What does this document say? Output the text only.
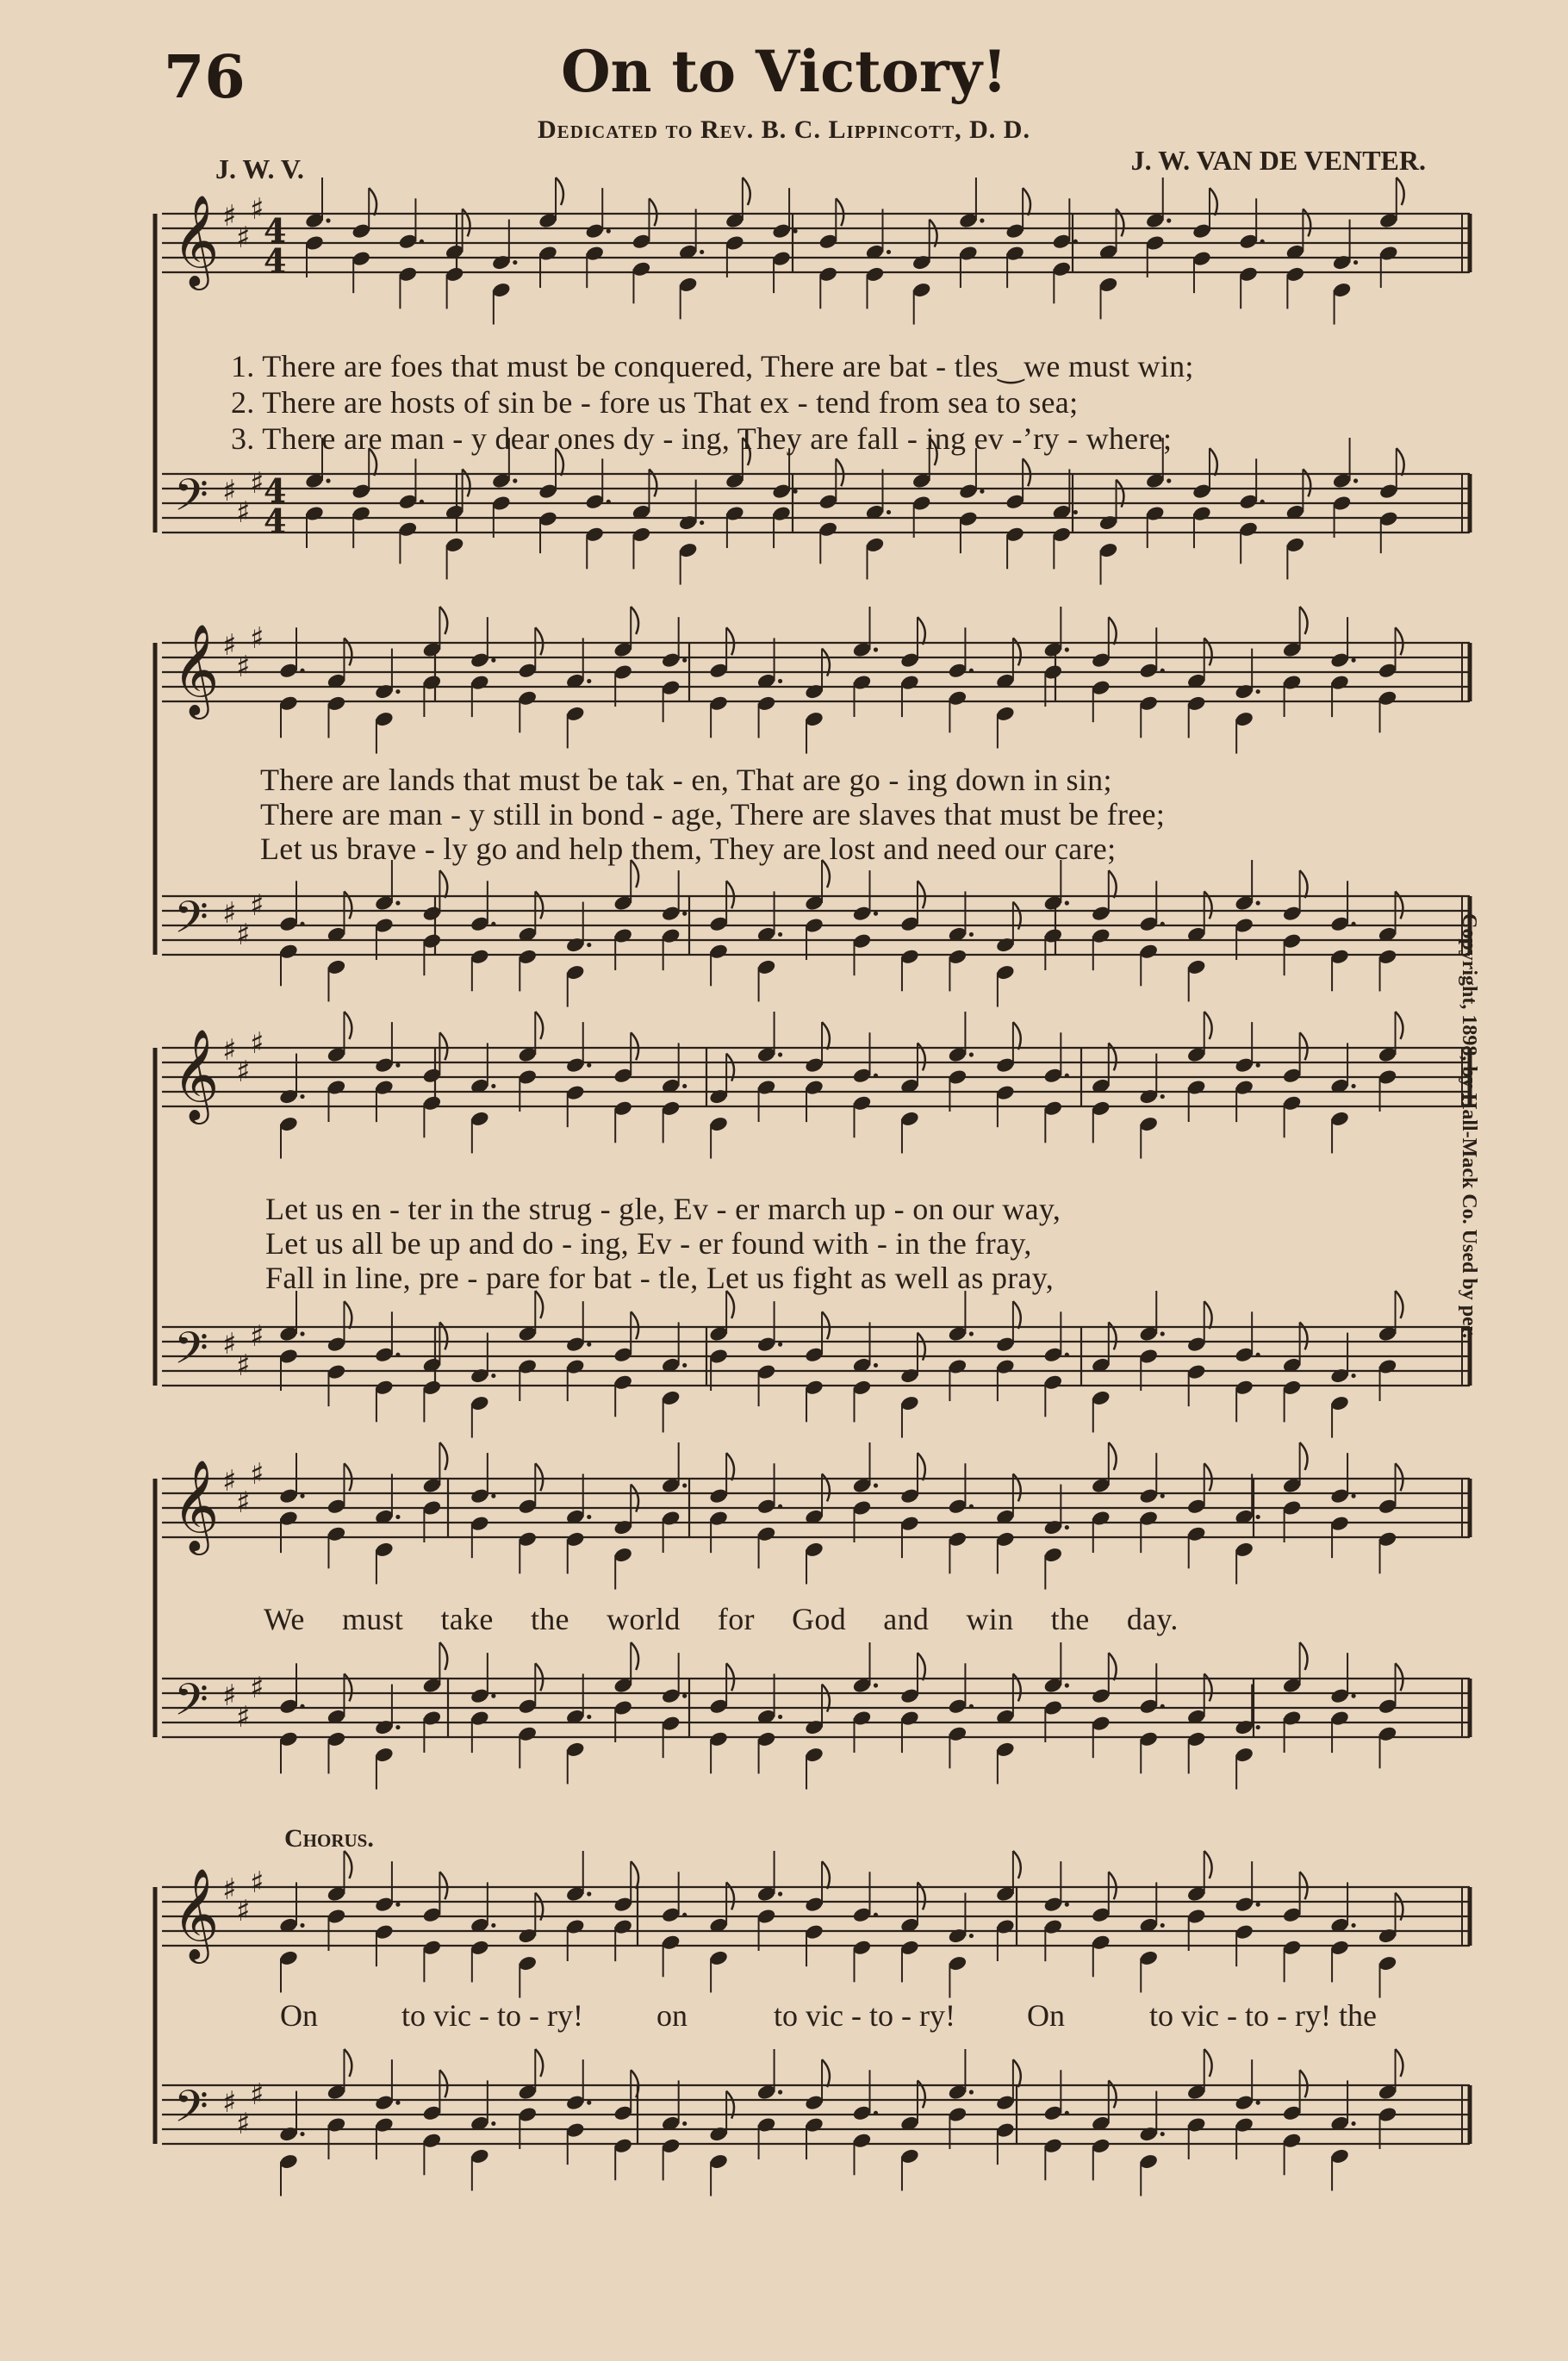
76	On to Victory!
Dedicated to Rev. B. C. Lippincott, D. D.
J. W. V.	J. W. VAN DE VENTER.
𝄞 ♯
♯
♯
4
4
𝄢 ♯
♯
♯ 4
4
𝄞 ♯
♯
♯
𝄢 ♯
♯
♯
𝄞 ♯
♯
♯
𝄢 ♯
♯
♯
𝄞 ♯
♯
♯
𝄢 ♯
♯
♯
𝄞 ♯
♯
♯
𝄢 ♯
♯
♯
1. There are foes that must be conquered, There are bat - tles‿we must win;
2. There are hosts of sin be - fore us That ex - tend from sea to sea;
3. There are man - y dear ones dy - ing, They are fall - ing ev -’ry - where;
There are lands that must be tak - en, That are go - ing down in sin;
There are man - y still in bond - age, There are slaves that must be free;
Let us brave - ly go and help them, They are lost and need our care;
Let us en - ter in the strug - gle, Ev - er march up - on our way,
Let us all be up and do - ing, Ev - er found with - in the fray,
Fall in line, pre - pare for bat - tle, Let us fight as well as pray,
We must take the world for God and win the day.
Chorus.
On	to vic - to - ry! on	to vic - to - ry! On	to vic - to - ry! the
Copyright, 1898, by Hall-Mack Co. Used by per.
